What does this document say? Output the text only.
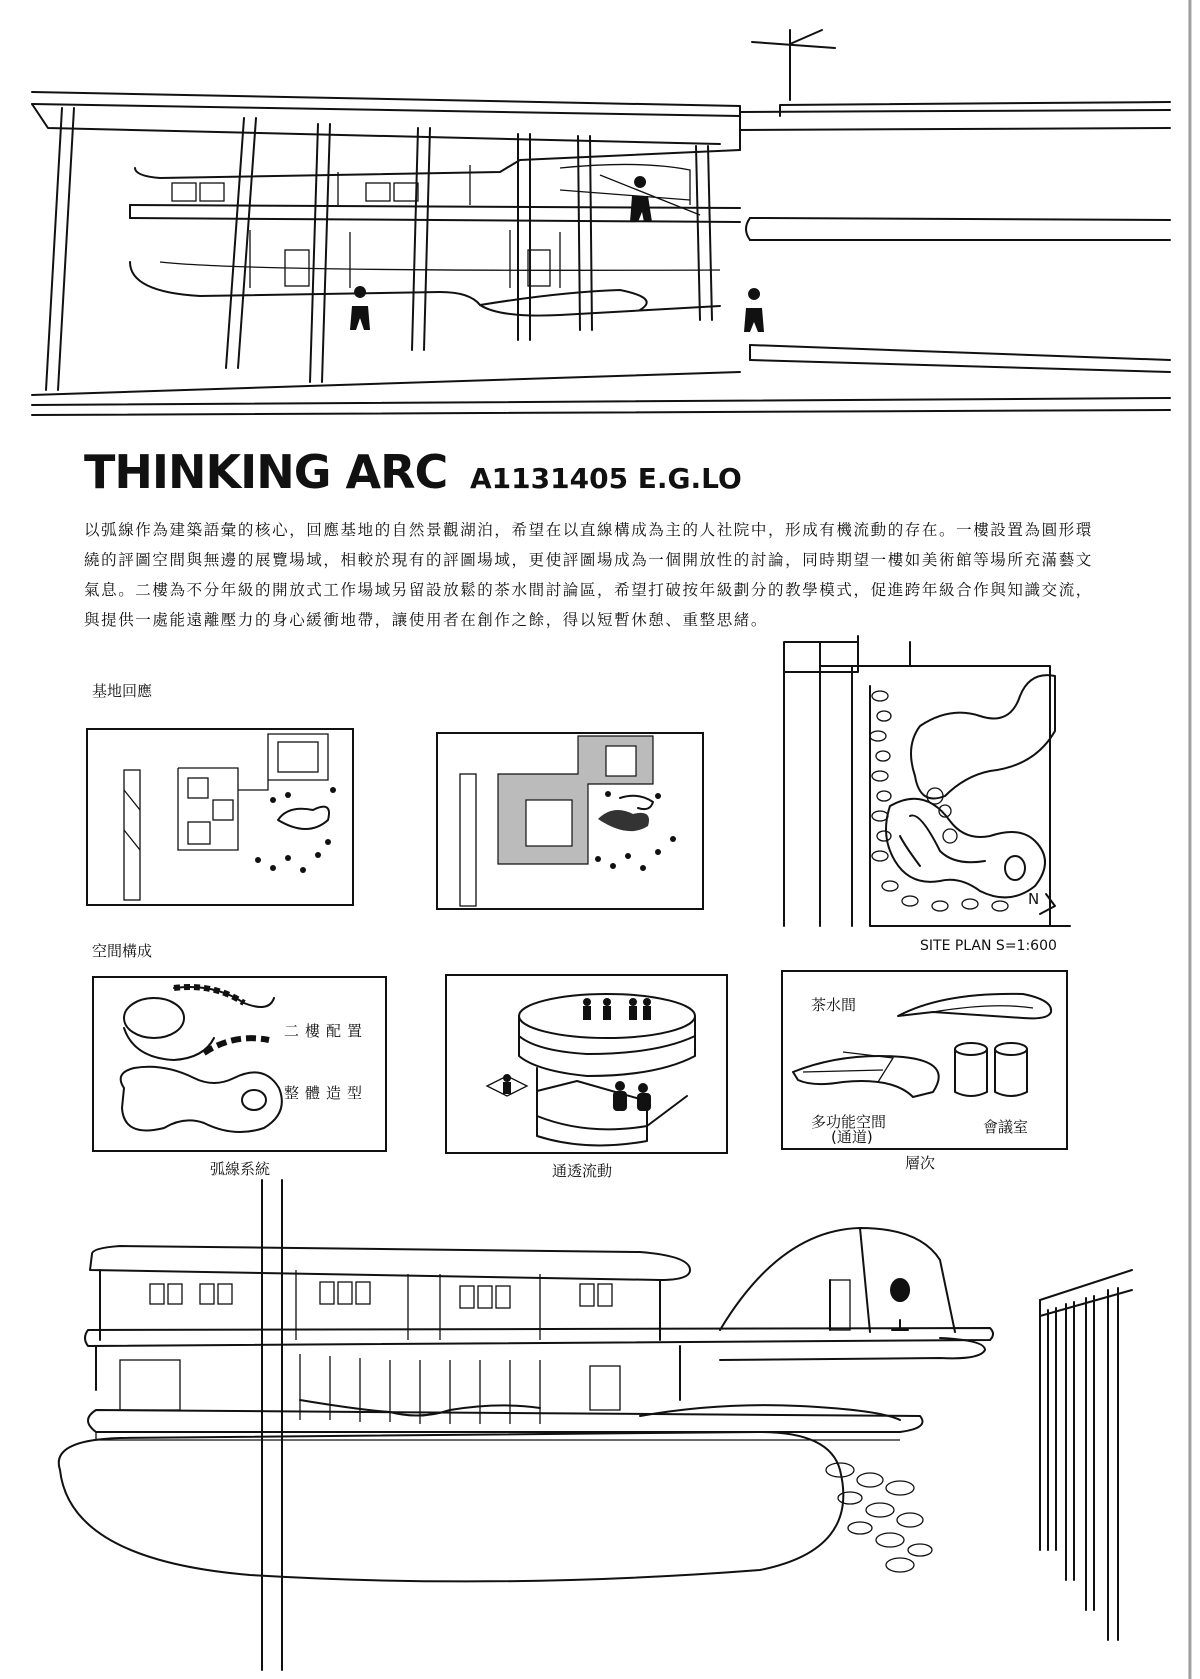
THINKING ARC A1131405 E.G.LO
以弧線作為建築語彙的核心，回應基地的自然景觀湖泊，希望在以直線構成為主的人社院中，形成有機流動的存在。一樓設置為圓形環繞的評圖空間與無邊的展覽場域，相較於現有的評圖場域，更使評圖場成為一個開放性的討論，同時期望一樓如美術館等場所充滿藝文氣息。二樓為不分年級的開放式工作場域另留設放鬆的茶水間討論區，希望打破按年級劃分的教學模式，促進跨年級合作與知識交流，與提供一處能遠離壓力的身心緩衝地帶，讓使用者在創作之餘，得以短暫休憩、重整思緒。
基地回應
N
SITE PLAN S=1:600
空間構成
二樓配置
整體造型
弧線系統	通透流動
茶水間
多功能空間
(通道)
會議室
層次
